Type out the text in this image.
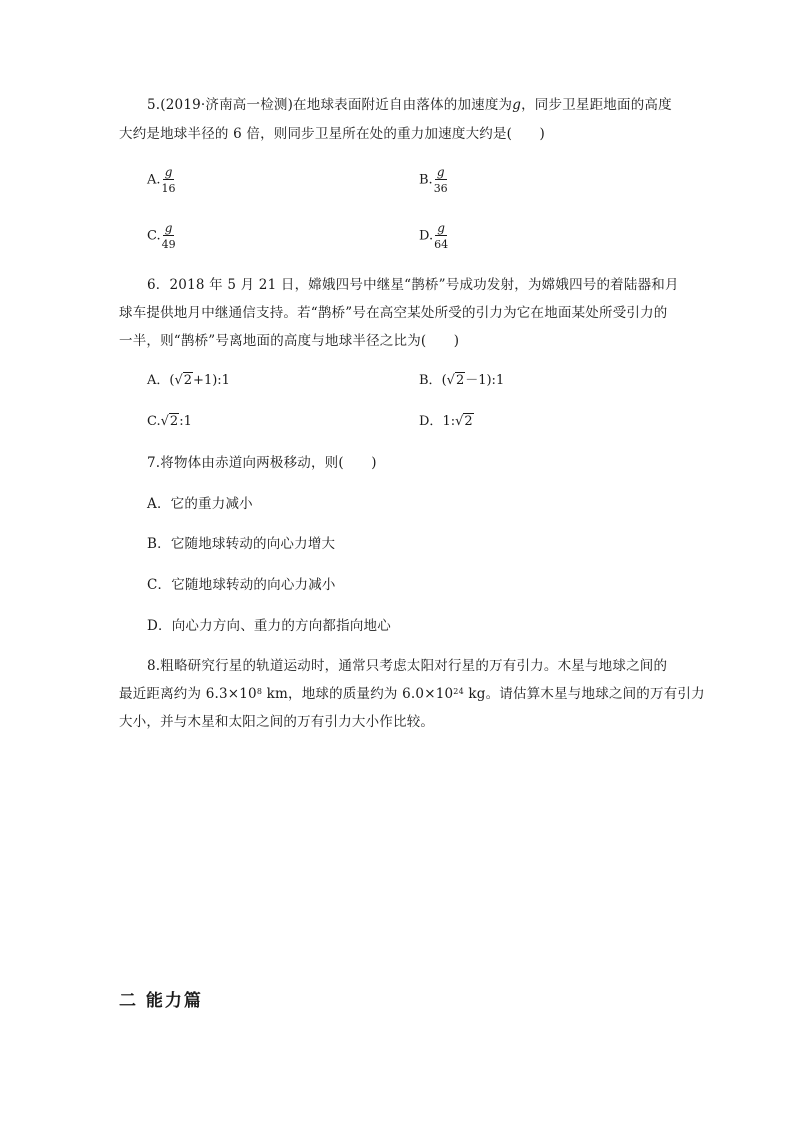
5.(2019·济南高一检测)在地球表面附近自由落体的加速度为g，同步卫星距地面的高度
大约是地球半径的 6 倍，则同步卫星所在处的重力加速度大约是(　　)
A. $\frac{g}{16}$	B. $\frac{g}{36}$
C. $\frac{g}{49}$	D. $\frac{g}{64}$
6．2018 年 5 月 21 日，嫦娥四号中继星“鹊桥”号成功发射，为嫦娥四号的着陆器和月
球车提供地月中继通信支持。若“鹊桥”号在高空某处所受的引力为它在地面某处所受引力的
一半，则“鹊桥”号离地面的高度与地球半径之比为(　　)
A．(√2+1):1	B．(√2－1):1
C.√2:1	D．1:√2
7.将物体由赤道向两极移动，则(　　)
A．它的重力减小
B．它随地球转动的向心力增大
C．它随地球转动的向心力减小
D．向心力方向、重力的方向都指向地心
8.粗略研究行星的轨道运动时，通常只考虑太阳对行星的万有引力。木星与地球之间的
最近距离约为 $6.3\times 10^8$ km，地球的质量约为 $6.0\times 10^{24}$ kg。请估算木星与地球之间的万有引力
大小，并与木星和太阳之间的万有引力大小作比较。
二 能力篇
